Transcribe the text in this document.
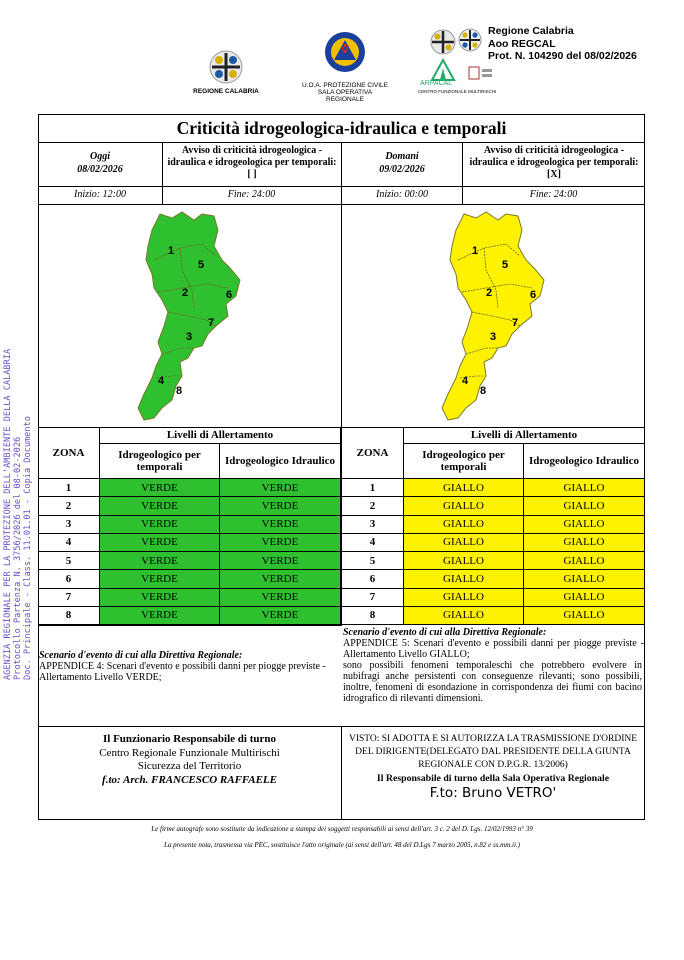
AGENZIA REGIONALE PER LA PROTEZIONE DELL'AMBIENTE DELLA CALABRIA Protocollo Partenza N. 3756/2026 del 08-02-2026 Doc. Principale - Class. 11.01.01 - Copia Documento
REGIONE CALABRIA
U.O.A. PROTEZIONE CIVILE
SALA OPERATIVA REGIONALE
ARPACAL
CENTRO FUNZIONALE MULTIRISCHI
Regione Calabria
Aoo REGCAL
Prot. N. 104290 del 08/02/2026
Criticità idrogeologica-idraulica e temporali
Oggi
08/02/2026
Avviso di criticità idrogeologica - idraulica e idrogeologica per temporali: [ ]
Domani
09/02/2026
Avviso di criticità idrogeologica - idraulica e idrogeologica per temporali: [X]
Inizio: 12:00	Fine: 24:00	Inizio: 00:00	Fine: 24:00
1
5
2	6
7
3
4
8
1
5
2	6
7
3
4
8
ZONA
Livelli di Allertamento
Idrogeologico per temporali	Idrogeologico Idraulico
1	VERDE	VERDE
2	VERDE	VERDE
3	VERDE	VERDE
4	VERDE	VERDE
5	VERDE	VERDE
6	VERDE	VERDE
7	VERDE	VERDE
8	VERDE	VERDE
ZONA
Livelli di Allertamento
Idrogeologico per temporali	Idrogeologico Idraulico
1	GIALLO	GIALLO
2	GIALLO	GIALLO
3	GIALLO	GIALLO
4	GIALLO	GIALLO
5	GIALLO	GIALLO
6	GIALLO	GIALLO
7	GIALLO	GIALLO
8	GIALLO	GIALLO
Scenario d'evento di cui alla Direttiva Regionale:
APPENDICE 4: Scenari d'evento e possibili danni per piogge previste - Allertamento Livello VERDE;
Scenario d'evento di cui alla Direttiva Regionale:
APPENDICE 5: Scenari d'evento e possibili danni per piogge previste - Allertamento Livello GIALLO;
sono possibili fenomeni temporaleschi che potrebbero evolvere in nubifragi anche persistenti con conseguenze rilevanti; sono possibili, inoltre, fenomeni di esondazione in corrispondenza dei fiumi con bacino idrografico di rilevanti dimensioni.
Il Funzionario Responsabile di turno
Centro Regionale Funzionale Multirischi
Sicurezza del Territorio
f.to: Arch. FRANCESCO RAFFAELE
VISTO: SI ADOTTA E SI AUTORIZZA LA TRASMISSIONE D'ORDINE DEL DIRIGENTE(DELEGATO DAL PRESIDENTE DELLA GIUNTA REGIONALE CON D.P.G.R. 13/2006)
Il Responsabile di turno della Sala Operativa Regionale
F.to: Bruno VETRO'
Le firme autografe sono sostituite da indicazione a stampa dei soggetti responsabili ai sensi dell'art. 3 c. 2 del D. Lgs. 12/02/1993 n° 39
La presente nota, trasmessa via PEC, sostituisce l'atto originale (ai sensi dell'art. 48 del D.Lgs 7 marzo 2005, n.82 e ss.mm.ii.)
